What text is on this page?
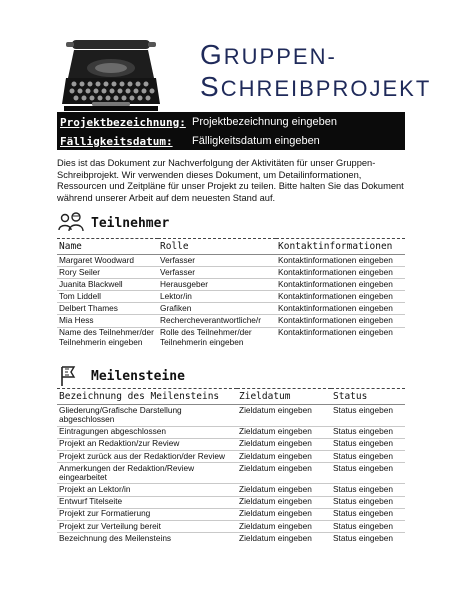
GRUPPEN-
SCHREIBPROJEKT
Projektbezeichnung: Projektbezeichnung eingeben
Fälligkeitsdatum:	Fälligkeitsdatum eingeben
Dies ist das Dokument zur Nachverfolgung der Aktivitäten für unser Gruppen-Schreibprojekt. Wir verwenden dieses Dokument, um Detailinformationen, Ressourcen und Zeitpläne für unser Projekt zu teilen. Bitte halten Sie das Dokument während unserer Arbeit auf dem neuesten Stand auf.
Teilnehmer
Name	Rolle	Kontaktinformationen
Margaret Woodward	Verfasser	Kontaktinformationen eingeben
Rory Seiler	Verfasser	Kontaktinformationen eingeben
Juanita Blackwell	Herausgeber	Kontaktinformationen eingeben
Tom Liddell	Lektor/in	Kontaktinformationen eingeben
Delbert Thames	Grafiken	Kontaktinformationen eingeben
Mia Hess	Rechercheverantwortliche/r	Kontaktinformationen eingeben
Name des Teilnehmer/der Teilnehmerin eingeben	Rolle des Teilnehmer/der Teilnehmerin eingeben	Kontaktinformationen eingeben
Meilensteine
Bezeichnung des Meilensteins	Zieldatum	Status
Gliederung/Grafische Darstellung abgeschlossen	Zieldatum eingeben	Status eingeben
Eintragungen abgeschlossen	Zieldatum eingeben	Status eingeben
Projekt an Redaktion/zur Review	Zieldatum eingeben	Status eingeben
Projekt zurück aus der Redaktion/der Review	Zieldatum eingeben	Status eingeben
Anmerkungen der Redaktion/Review eingearbeitet	Zieldatum eingeben	Status eingeben
Projekt an Lektor/in	Zieldatum eingeben	Status eingeben
Entwurf Titelseite	Zieldatum eingeben	Status eingeben
Projekt zur Formatierung	Zieldatum eingeben	Status eingeben
Projekt zur Verteilung bereit	Zieldatum eingeben	Status eingeben
Bezeichnung des Meilensteins	Zieldatum eingeben	Status eingeben
